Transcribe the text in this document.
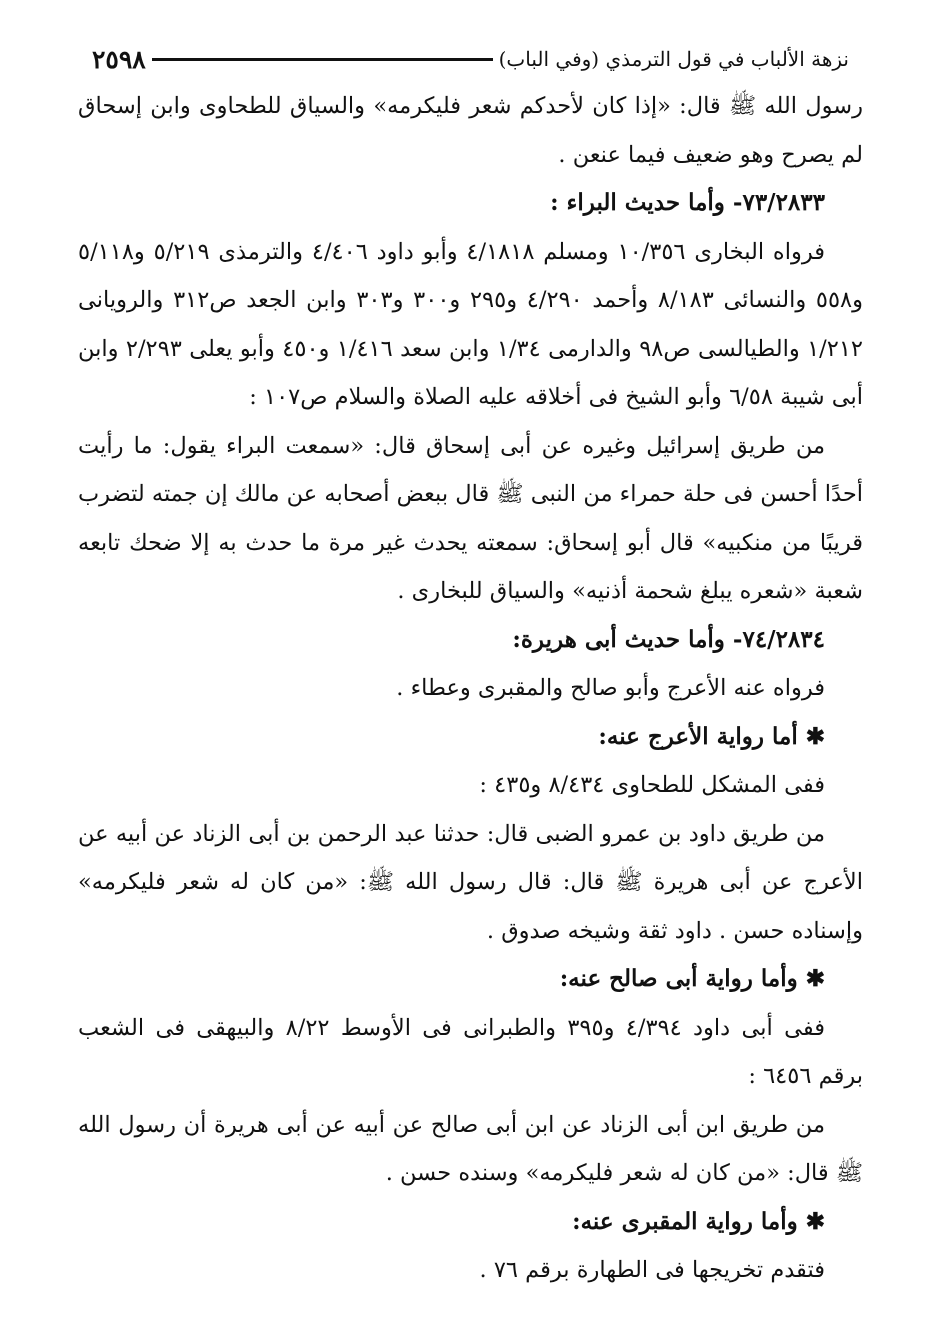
نزهة الألباب في قول الترمذي (وفي الباب)
٢٥٩٨

رسول الله ﷺ قال: «إذا كان لأحدكم شعر فليكرمه» والسياق للطحاوى وابن إسحاق لم يصرح وهو ضعيف فيما عنعن .

٧٣/٢٨٣٣- وأما حديث البراء :

فرواه البخارى ١٠/٣٥٦ ومسلم ٤/١٨١٨ وأبو داود ٤/٤٠٦ والترمذى ٥/٢١٩ و٥/١١٨ و٥٥٨ والنسائى ٨/١٨٣ وأحمد ٤/٢٩٠ و٢٩٥ و٣٠٠ و٣٠٣ وابن الجعد ص٣١٢ والرويانى ١/٢١٢ والطيالسى ص٩٨ والدارمى ١/٣٤ وابن سعد ١/٤١٦ و٤٥٠ وأبو يعلى ٢/٢٩٣ وابن أبى شيبة ٦/٥٨ وأبو الشيخ فى أخلاقه عليه الصلاة والسلام ص١٠٧ :

من طريق إسرائيل وغيره عن أبى إسحاق قال: «سمعت البراء يقول: ما رأيت أحدًا أحسن فى حلة حمراء من النبى ﷺ قال ببعض أصحابه عن مالك إن جمته لتضرب قريبًا من منكبيه» قال أبو إسحاق: سمعته يحدث غير مرة ما حدث به إلا ضحك تابعه شعبة «شعره يبلغ شحمة أذنيه» والسياق للبخارى .

٧٤/٢٨٣٤- وأما حديث أبى هريرة:

فرواه عنه الأعرج وأبو صالح والمقبرى وعطاء .

✱ أما رواية الأعرج عنه:

ففى المشكل للطحاوى ٨/٤٣٤ و٤٣٥ :

من طريق داود بن عمرو الضبى قال: حدثنا عبد الرحمن بن أبى الزناد عن أبيه عن الأعرج عن أبى هريرة ﷺ قال: قال رسول الله ﷺ: «من كان له شعر فليكرمه» وإسناده حسن . داود ثقة وشيخه صدوق .

✱ وأما رواية أبى صالح عنه:

ففى أبى داود ٤/٣٩٤ و٣٩٥ والطبرانى فى الأوسط ٨/٢٢ والبيهقى فى الشعب برقم ٦٤٥٦ :

من طريق ابن أبى الزناد عن ابن أبى صالح عن أبيه عن أبى هريرة أن رسول الله ﷺ قال: «من كان له شعر فليكرمه» وسنده حسن .

✱ وأما رواية المقبرى عنه:

فتقدم تخريجها فى الطهارة برقم ٧٦ .
